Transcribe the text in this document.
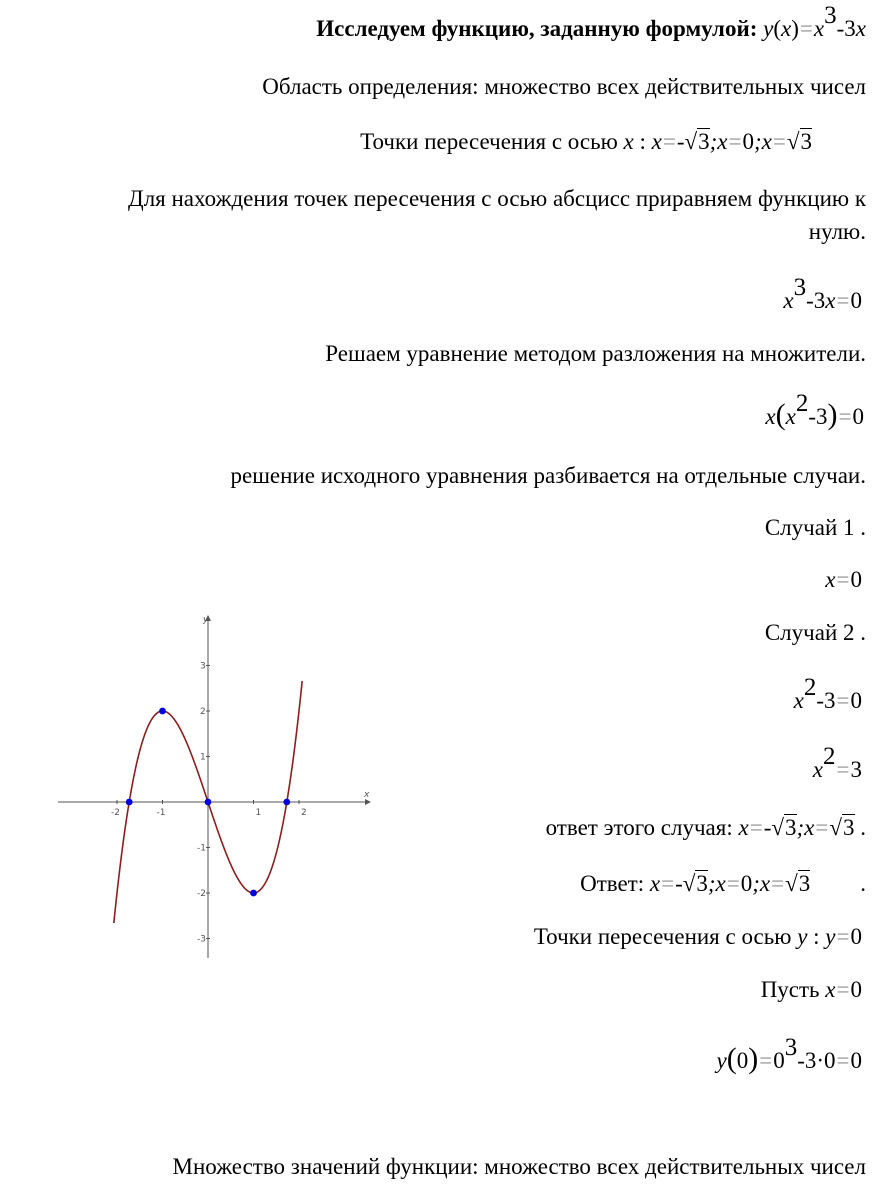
Исследуем функцию, заданную формулой: y(x)=x3-3x
Область определения: множество всех действительных чисел
Точки пересечения с осью x : x=-√3;x=0;x=√3
Для нахождения точек пересечения с осью абсцисс приравняем функцию к
нулю.
x3-3x=0
Решаем уравнение методом разложения на множители.
x(x2-3)=0
решение исходного уравнения разбивается на отдельные случаи.
Случай 1 .
x=0
Случай 2 .
x2-3=0
x2=3
ответ этого случая: x=-√3;x=√3 .
Ответ: x=-√3;x=0;x=√3 .
Точки пересечения с осью y : y=0
Пусть x=0
y(0)=03-3·0=0
Множество значений функции: множество всех действительных чисел
x
y
-2	-1	1	2
-3
-2
-1
1
2
3
